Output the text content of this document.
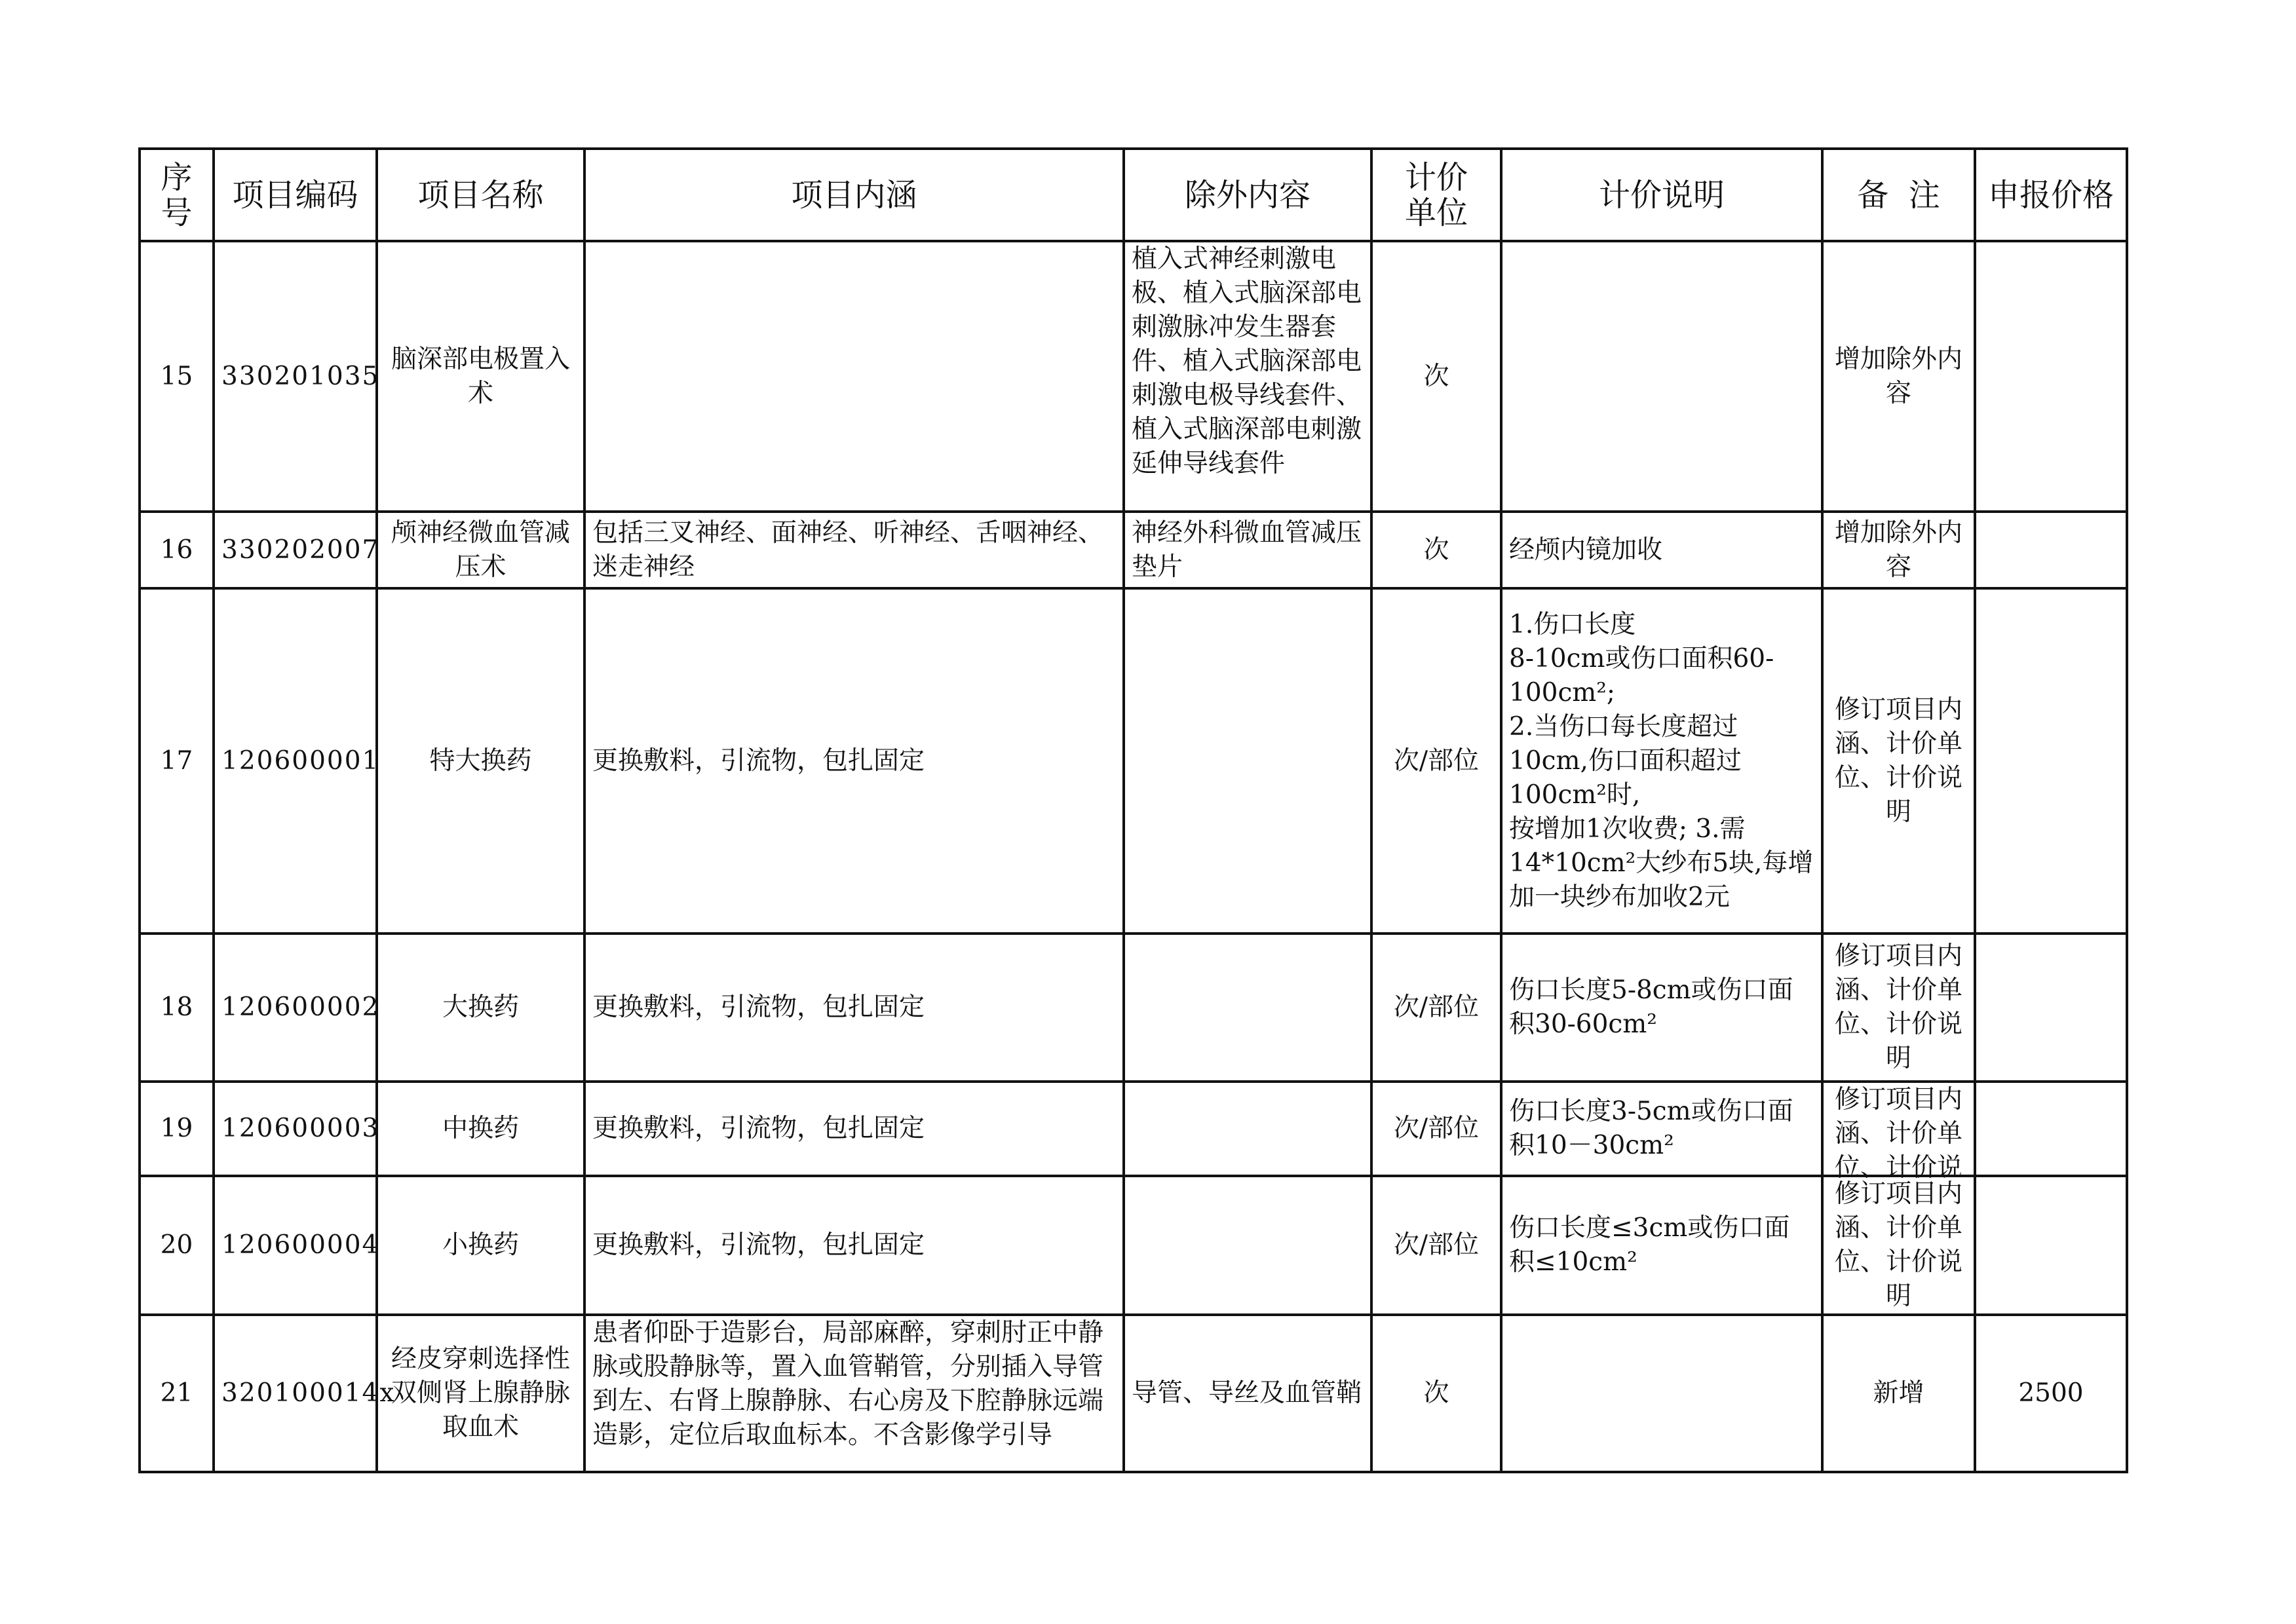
序
号	项目编码	项目名称	项目内涵	除外内容	计价
单位	计价说明	备  注	申报价格
15	330201035	脑深部电极置入术		植入式神经刺激电极、植入式脑深部电刺激脉冲发生器套件、植入式脑深部电刺激电极导线套件、植入式脑深部电刺激延伸导线套件	次		增加除外内容	
16	330202007	颅神经微血管减压术	包括三叉神经、面神经、听神经、舌咽神经、迷走神经	神经外科微血管减压垫片	次	经颅内镜加收	增加除外内容	
17	120600001	特大换药	更换敷料，引流物，包扎固定		次/部位	1.伤口长度
8-10cm或伤口面积60-100cm²;
2.当伤口每长度超过10cm,伤口面积超过100cm²时,
按增加1次收费; 3.需14*10cm²大纱布5块,每增加一块纱布加收2元	修订项目内涵、计价单位、计价说明	
18	120600002	大换药	更换敷料，引流物，包扎固定		次/部位	伤口长度5-8cm或伤口面积30-60cm²	修订项目内涵、计价单位、计价说明	
19	120600003	中换药	更换敷料，引流物，包扎固定		次/部位	伤口长度3-5cm或伤口面积10－30cm²	修订项目内涵、计价单位、计价说	

20	120600004	小换药	更换敷料，引流物，包扎固定		次/部位	伤口长度≤3cm或伤口面积≤10cm²	修订项目内涵、计价单位、计价说明	
21	320100014x	经皮穿刺选择性双侧肾上腺静脉取血术	患者仰卧于造影台，局部麻醉，穿刺肘正中静脉或股静脉等，置入血管鞘管，分别插入导管到左、右肾上腺静脉、右心房及下腔静脉远端造影，定位后取血标本。不含影像学引导	导管、导丝及血管鞘	次		新增	2500
